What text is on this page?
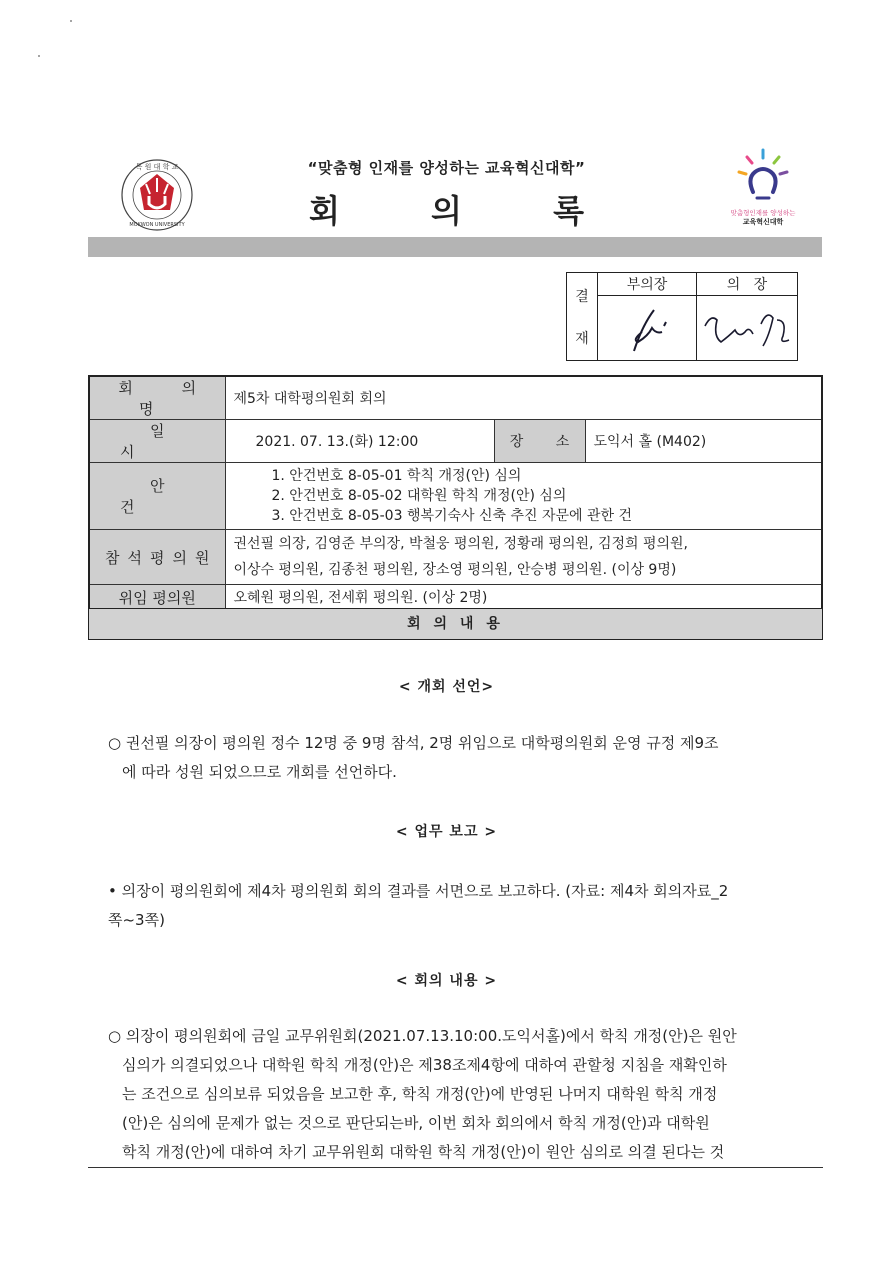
목 원 대 학 교
MOKWON UNIVERSITY
맞춤형인재를 양성하는
교육혁신대학
“맞춤형 인재를 양성하는 교육혁신대학”
회 의 록
결
재	부의장	의   장

회 의 명	제5차 대학평의원회 회의		
일 시	2021. 07. 13.(화) 12:00	장 소	도익서 홀 (M402)
안 건	1. 안건번호 8-05-01 학칙 개정(안) 심의
2. 안건번호 8-05-02 대학원 학칙 개정(안) 심의
3. 안건번호 8-05-03 행복기숙사 신축 추진 자문에 관한 건		

참석평의원	권선필 의장, 김영준 부의장, 박철웅 평의원, 정황래 평의원, 김정희 평의원,
이상수 평의원, 김종천 평의원, 장소영 평의원, 안승병 평의원. (이상 9명)		

위임 평의원	오혜원 평의원, 전세휘 평의원. (이상 2명)		

회 의 내 용
< 개회 선언>
○ 권선필 의장이 평의원 정수 12명 중 9명 참석, 2명 위임으로 대학평의원회 운영 규정 제9조
에 따라 성원 되었으므로 개회를 선언하다.
< 업무 보고 >
• 의장이 평의원회에 제4차 평의원회 회의 결과를 서면으로 보고하다. (자료: 제4차 회의자료_2
쪽~3쪽)
< 회의 내용 >
○ 의장이 평의원회에 금일 교무위원회(2021.07.13.10:00.도익서홀)에서 학칙 개정(안)은 원안
심의가 의결되었으나 대학원 학칙 개정(안)은 제38조제4항에 대하여 관할청 지침을 재확인하
는 조건으로 심의보류 되었음을 보고한 후, 학칙 개정(안)에 반영된 나머지 대학원 학칙 개정
(안)은 심의에 문제가 없는 것으로 판단되는바, 이번 회차 회의에서 학칙 개정(안)과 대학원
학칙 개정(안)에 대하여 차기 교무위원회 대학원 학칙 개정(안)이 원안 심의로 의결 된다는 것
